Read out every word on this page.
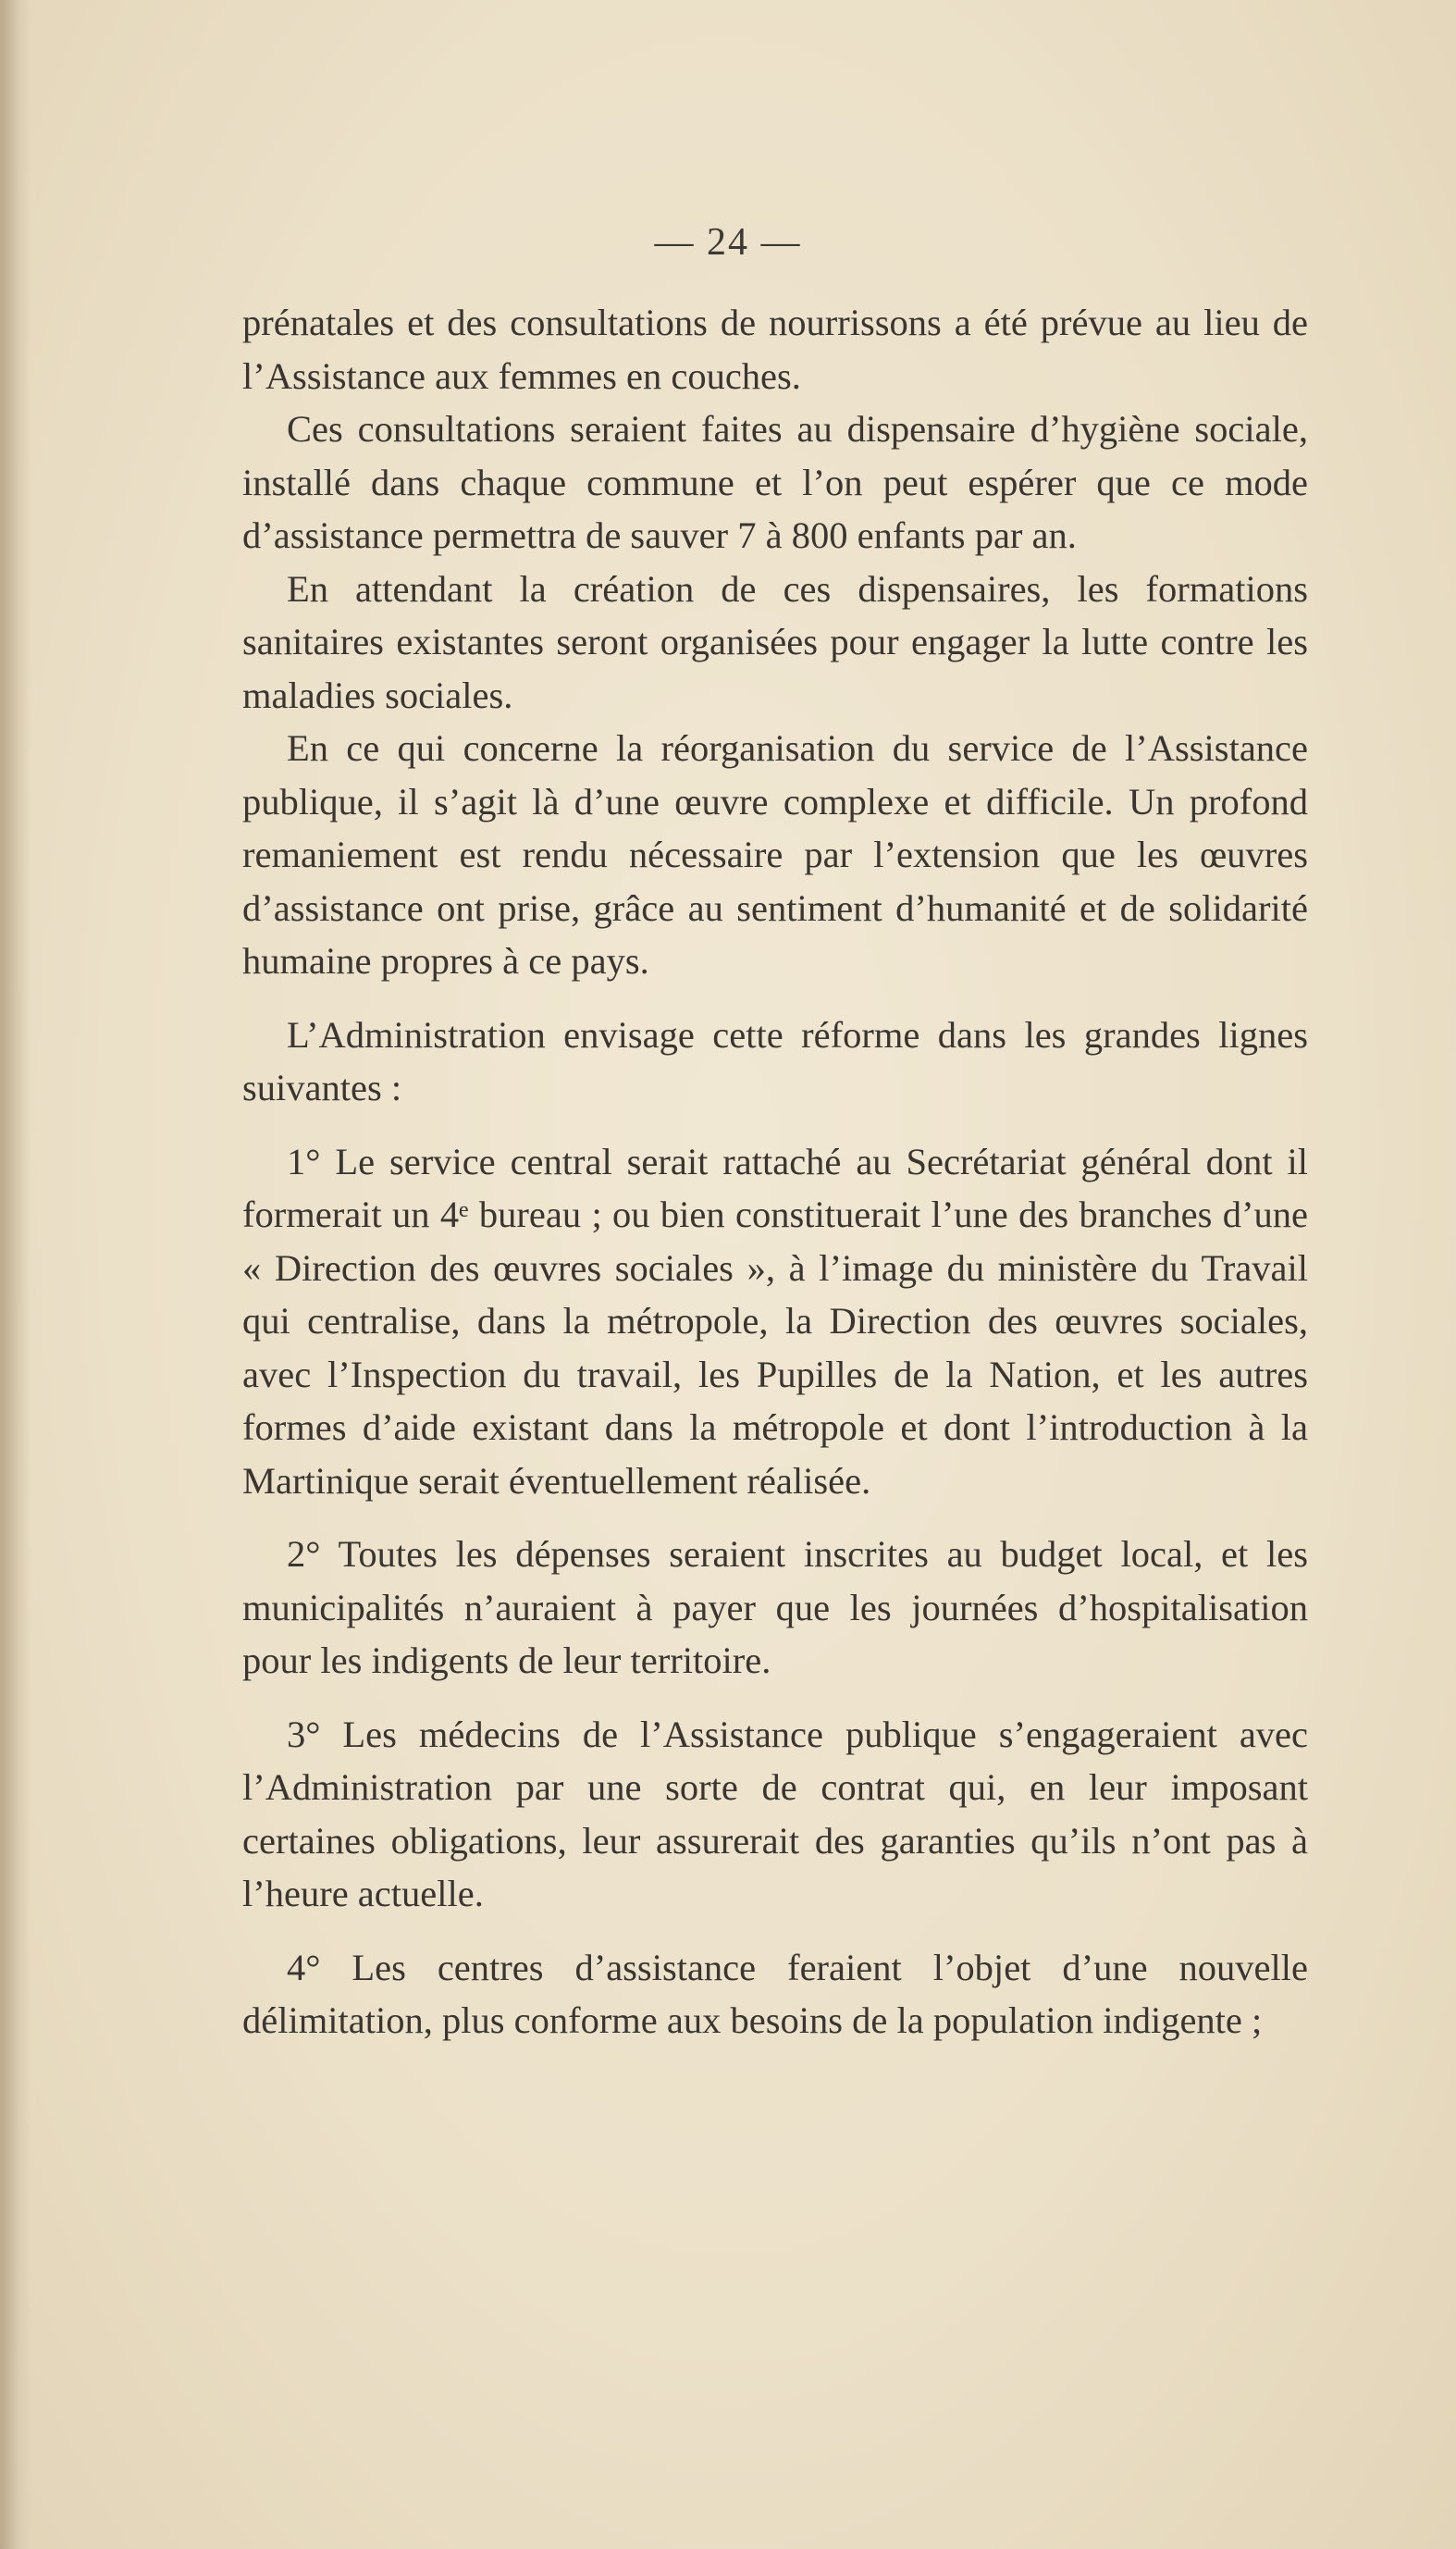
— 24 —

prénatales et des consultations de nourrissons a été prévue au lieu de l’Assistance aux femmes en couches.

Ces consultations seraient faites au dispensaire d’hygiène sociale, installé dans chaque commune et l’on peut espérer que ce mode d’assistance permettra de sauver 7 à 800 enfants par an.

En attendant la création de ces dispensaires, les formations sanitaires existantes seront organisées pour engager la lutte contre les maladies sociales.

En ce qui concerne la réorganisation du service de l’Assistance publique, il s’agit là d’une œuvre complexe et difficile. Un profond remaniement est rendu nécessaire par l’extension que les œuvres d’assistance ont prise, grâce au sentiment d’humanité et de solidarité humaine propres à ce pays.

L’Administration envisage cette réforme dans les grandes lignes suivantes :

1° Le service central serait rattaché au Secrétariat général dont il formerait un 4ᵉ bureau ; ou bien constituerait l’une des branches d’une « Direction des œuvres sociales », à l’image du ministère du Travail qui centralise, dans la métropole, la Direction des œuvres sociales, avec l’Inspection du travail, les Pupilles de la Nation, et les autres formes d’aide existant dans la métropole et dont l’introduction à la Martinique serait éventuellement réalisée.

2° Toutes les dépenses seraient inscrites au budget local, et les municipalités n’auraient à payer que les journées d’hospitalisation pour les indigents de leur territoire.

3° Les médecins de l’Assistance publique s’engageraient avec l’Administration par une sorte de contrat qui, en leur imposant certaines obligations, leur assurerait des garanties qu’ils n’ont pas à l’heure actuelle.

4° Les centres d’assistance feraient l’objet d’une nouvelle délimitation, plus conforme aux besoins de la population indigente ;
